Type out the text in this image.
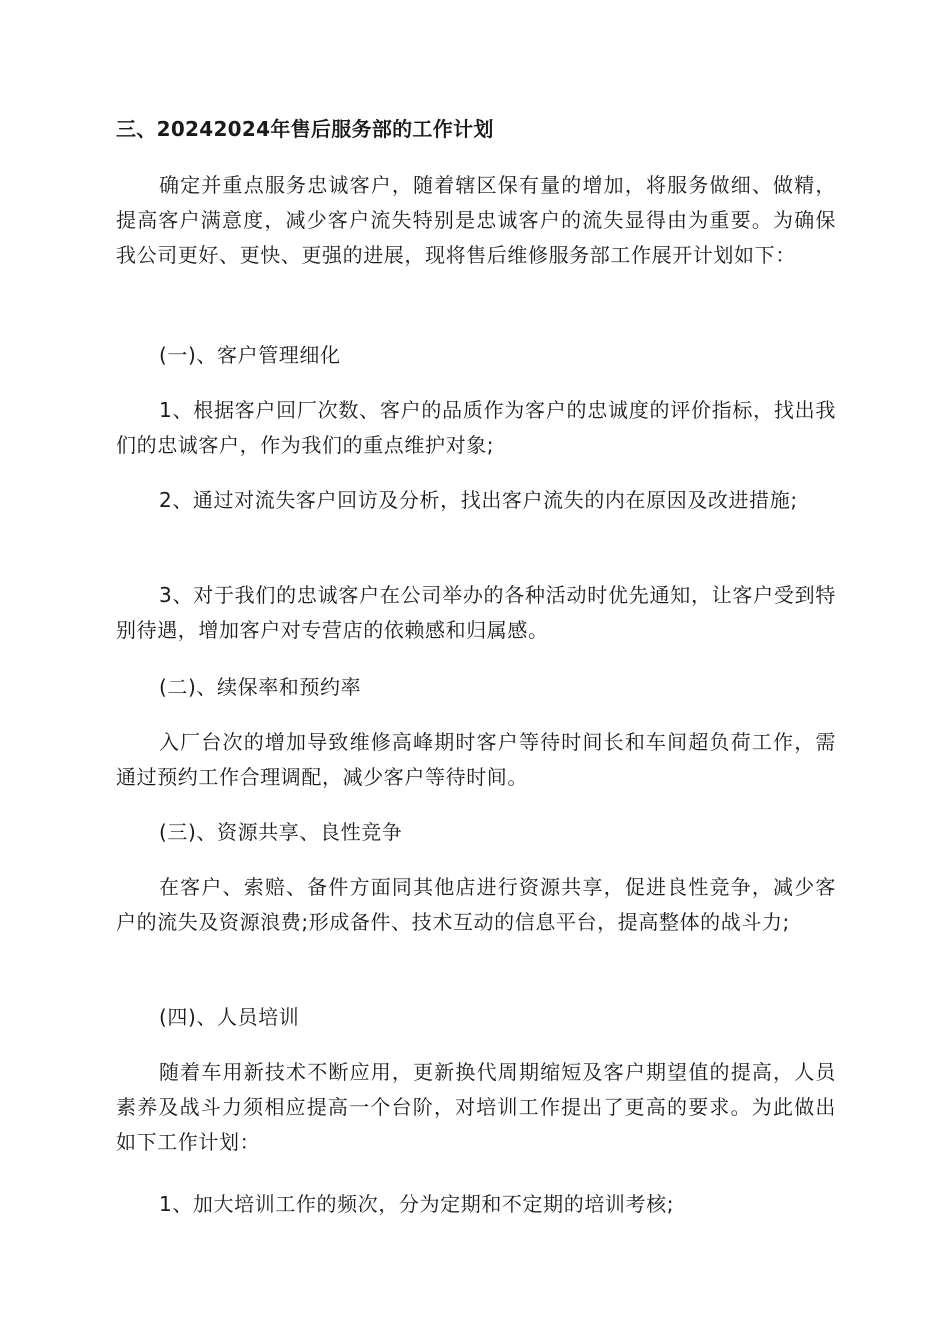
三、20242024年售后服务部的工作计划
确定并重点服务忠诚客户，随着辖区保有量的增加，将服务做细、做精，提高客户满意度，减少客户流失特别是忠诚客户的流失显得由为重要。为确保我公司更好、更快、更强的进展，现将售后维修服务部工作展开计划如下：
(一)、客户管理细化
1、根据客户回厂次数、客户的品质作为客户的忠诚度的评价指标，找出我们的忠诚客户，作为我们的重点维护对象;
2、通过对流失客户回访及分析，找出客户流失的内在原因及改进措施;
3、对于我们的忠诚客户在公司举办的各种活动时优先通知，让客户受到特别待遇，增加客户对专营店的依赖感和归属感。
(二)、续保率和预约率
入厂台次的增加导致维修高峰期时客户等待时间长和车间超负荷工作，需通过预约工作合理调配，减少客户等待时间。
(三)、资源共享、良性竞争
在客户、索赔、备件方面同其他店进行资源共享，促进良性竞争，减少客户的流失及资源浪费;形成备件、技术互动的信息平台，提高整体的战斗力;
(四)、人员培训
随着车用新技术不断应用，更新换代周期缩短及客户期望值的提高，人员素养及战斗力须相应提高一个台阶，对培训工作提出了更高的要求。为此做出如下工作计划：
1、加大培训工作的频次，分为定期和不定期的培训考核;
